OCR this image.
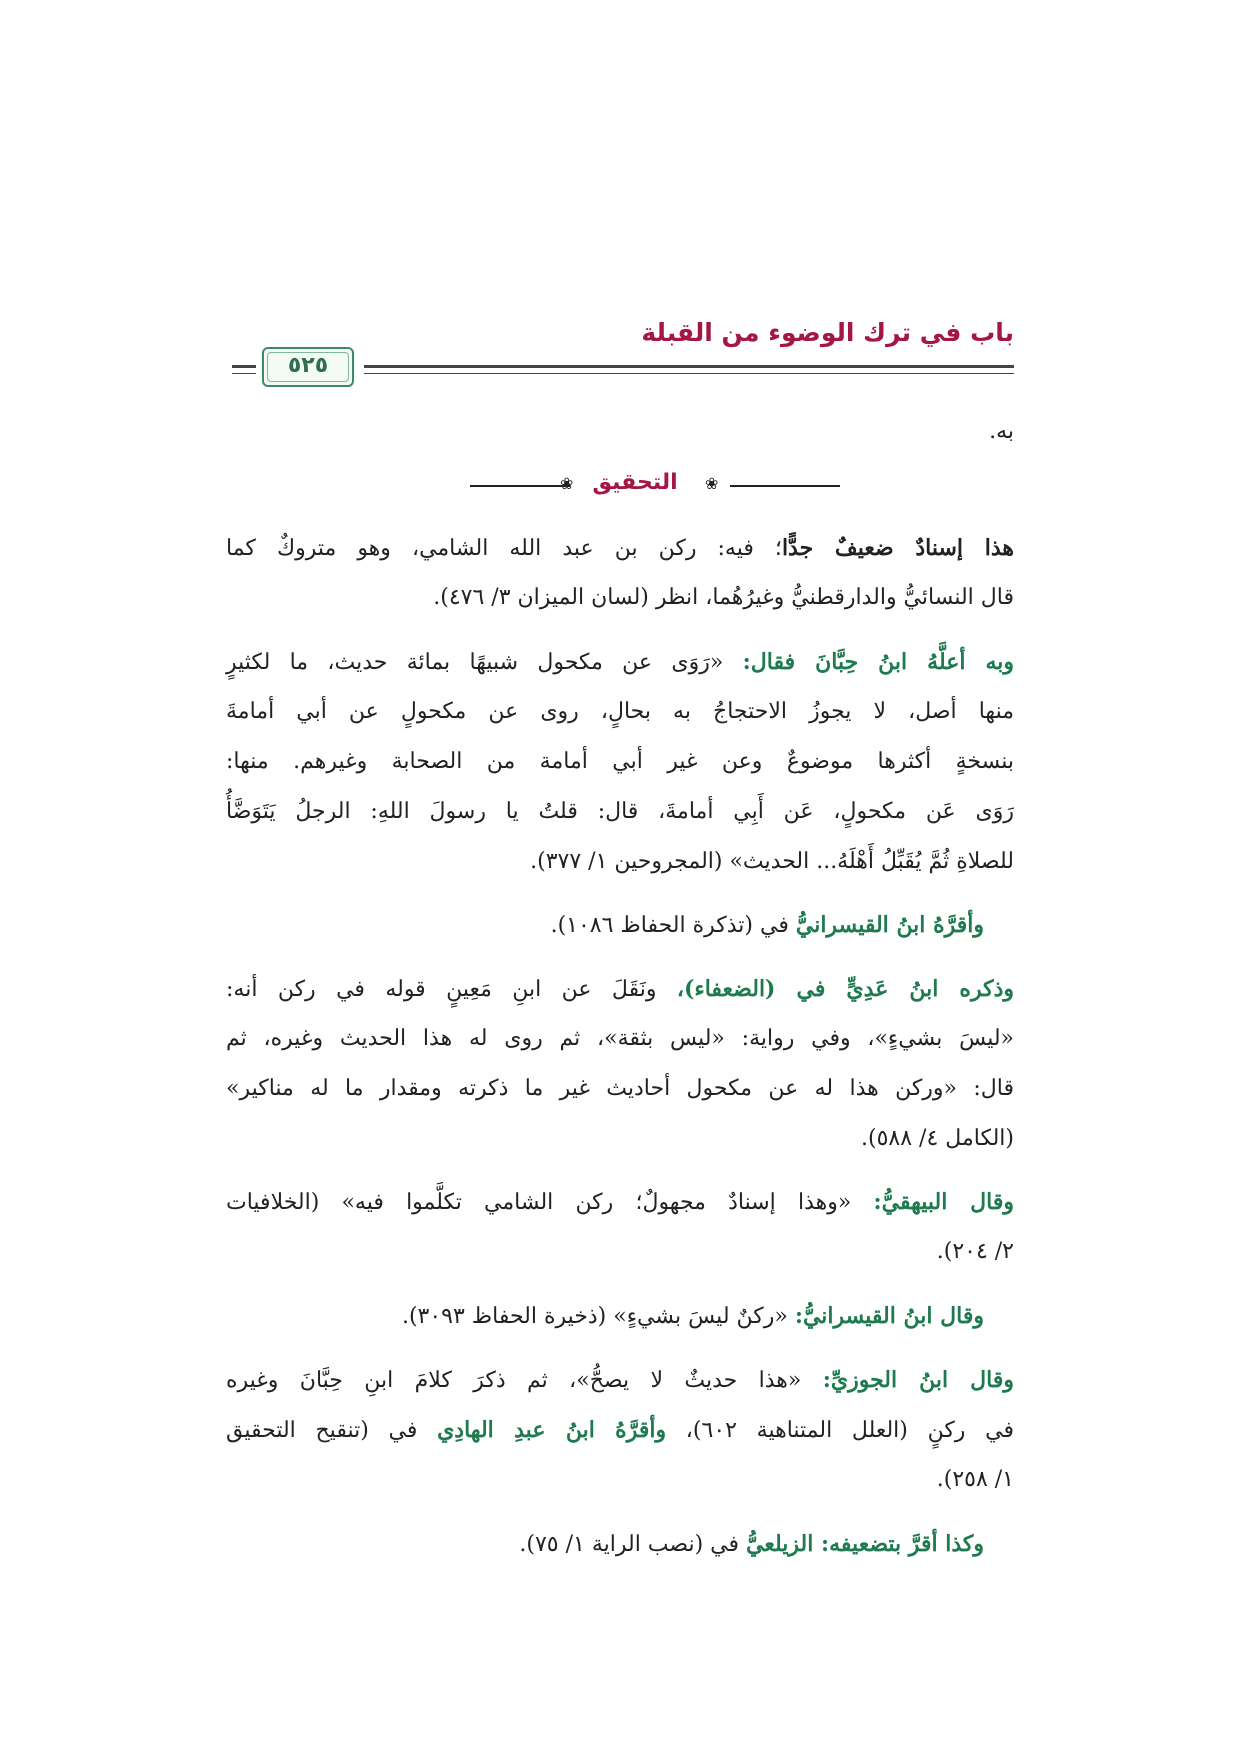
باب في ترك الوضوء من القبلة
٥٢٥
به.
❀ التحقيق	❀
هذا إسنادٌ ضعيفٌ جدًّا؛ فيه: ركن بن عبد الله الشامي، وهو متروكٌ كما
قال النسائيُّ والدارقطنيُّ وغيرُهُما، انظر (لسان الميزان ٣/ ٤٧٦).
وبه أعلَّهُ ابنُ حِبَّانَ فقال: «رَوَى عن مكحول شبيهًا بمائة حديث، ما لكثيرٍ
منها أصل، لا يجوزُ الاحتجاجُ به بحالٍ، روى عن مكحولٍ عن أبي أمامةَ
بنسخةٍ أكثرها موضوعٌ وعن غير أبي أمامة من الصحابة وغيرهم. منها:
رَوَى عَن مكحولٍ، عَن أَبِي أمامةَ، قال: قلتُ يا رسولَ اللهِ: الرجلُ يَتَوَضَّأُ
للصلاةِ ثُمَّ يُقَبِّلُ أَهْلَهُ... الحديث» (المجروحين ١/ ٣٧٧).
وأقرَّهُ ابنُ القيسرانيُّ في (تذكرة الحفاظ ١٠٨٦).
وذكره ابنُ عَدِيٍّ في (الضعفاء)، ونَقَلَ عن ابنِ مَعِينٍ قوله في ركن أنه:
«ليسَ بشيءٍ»، وفي رواية: «ليس بثقة»، ثم روى له هذا الحديث وغيره، ثم
قال: «وركن هذا له عن مكحول أحاديث غير ما ذكرته ومقدار ما له مناكير»
(الكامل ٤/ ٥٨٨).
وقال البيهقيُّ: «وهذا إسنادٌ مجهولٌ؛ ركن الشامي تكلَّموا فيه» (الخلافيات
٢/ ٢٠٤).
وقال ابنُ القيسرانيُّ: «ركنٌ ليسَ بشيءٍ» (ذخيرة الحفاظ ٣٠٩٣).
وقال ابنُ الجوزيِّ: «هذا حديثٌ لا يصحُّ»، ثم ذكرَ كلامَ ابنِ حِبَّانَ وغيره
في ركنٍ (العلل المتناهية ٦٠٢)، وأقرَّهُ ابنُ عبدِ الهادِي في (تنقيح التحقيق
١/ ٢٥٨).
وكذا أقرَّ بتضعيفه: الزيلعيُّ في (نصب الراية ١/ ٧٥).
